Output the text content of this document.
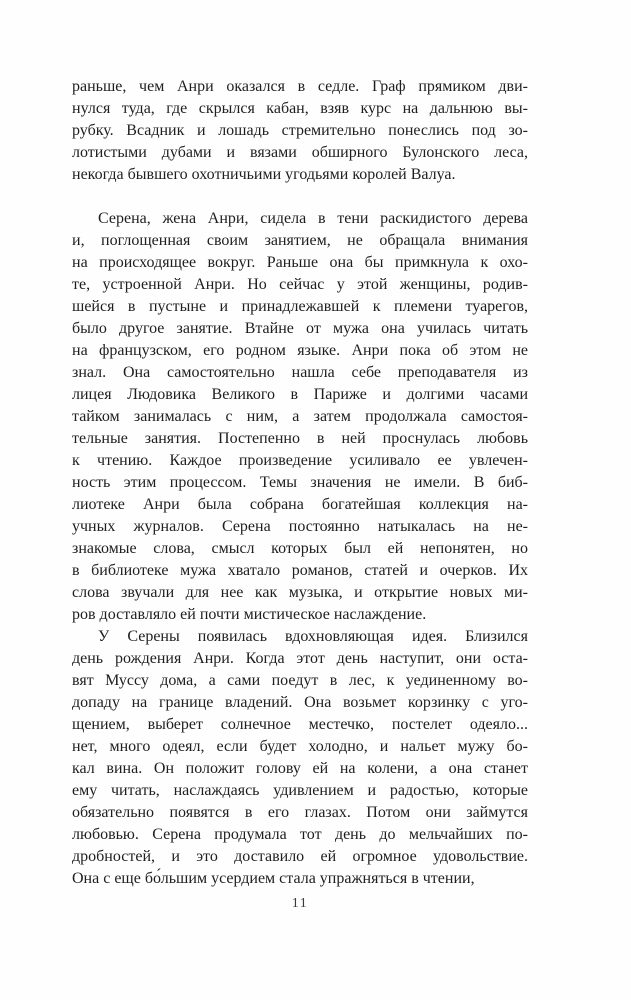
раньше, чем Анри оказался в седле. Граф прямиком дви-
нулся туда, где скрылся кабан, взяв курс на дальнюю вы-
рубку. Всадник и лошадь стремительно понеслись под зо-
лотистыми дубами и вязами обширного Булонского леса,
некогда бывшего охотничьими угодьями королей Валуа.
Серена, жена Анри, сидела в тени раскидистого дерева
и, поглощенная своим занятием, не обращала внимания
на происходящее вокруг. Раньше она бы примкнула к охо-
те, устроенной Анри. Но сейчас у этой женщины, родив-
шейся в пустыне и принадлежавшей к племени туарегов,
было другое занятие. Втайне от мужа она училась читать
на французском, его родном языке. Анри пока об этом не
знал. Она самостоятельно нашла себе преподавателя из
лицея Людовика Великого в Париже и долгими часами
тайком занималась с ним, а затем продолжала самостоя-
тельные занятия. Постепенно в ней проснулась любовь
к чтению. Каждое произведение усиливало ее увлечен-
ность этим процессом. Темы значения не имели. В биб-
лиотеке Анри была собрана богатейшая коллекция на-
учных журналов. Серена постоянно натыкалась на не-
знакомые слова, смысл которых был ей непонятен, но
в библиотеке мужа хватало романов, статей и очерков. Их
слова звучали для нее как музыка, и открытие новых ми-
ров доставляло ей почти мистическое наслаждение.
У Серены появилась вдохновляющая идея. Близился
день рождения Анри. Когда этот день наступит, они оста-
вят Муссу дома, а сами поедут в лес, к уединенному во-
допаду на границе владений. Она возьмет корзинку с уго-
щением, выберет солнечное местечко, постелет одеяло...
нет, много одеял, если будет холодно, и нальет мужу бо-
кал вина. Он положит голову ей на колени, а она станет
ему читать, наслаждаясь удивлением и радостью, которые
обязательно появятся в его глазах. Потом они займутся
любовью. Серена продумала тот день до мельчайших по-
дробностей, и это доставило ей огромное удовольствие.
Она с еще бо́льшим усердием стала упражняться в чтении,
11
